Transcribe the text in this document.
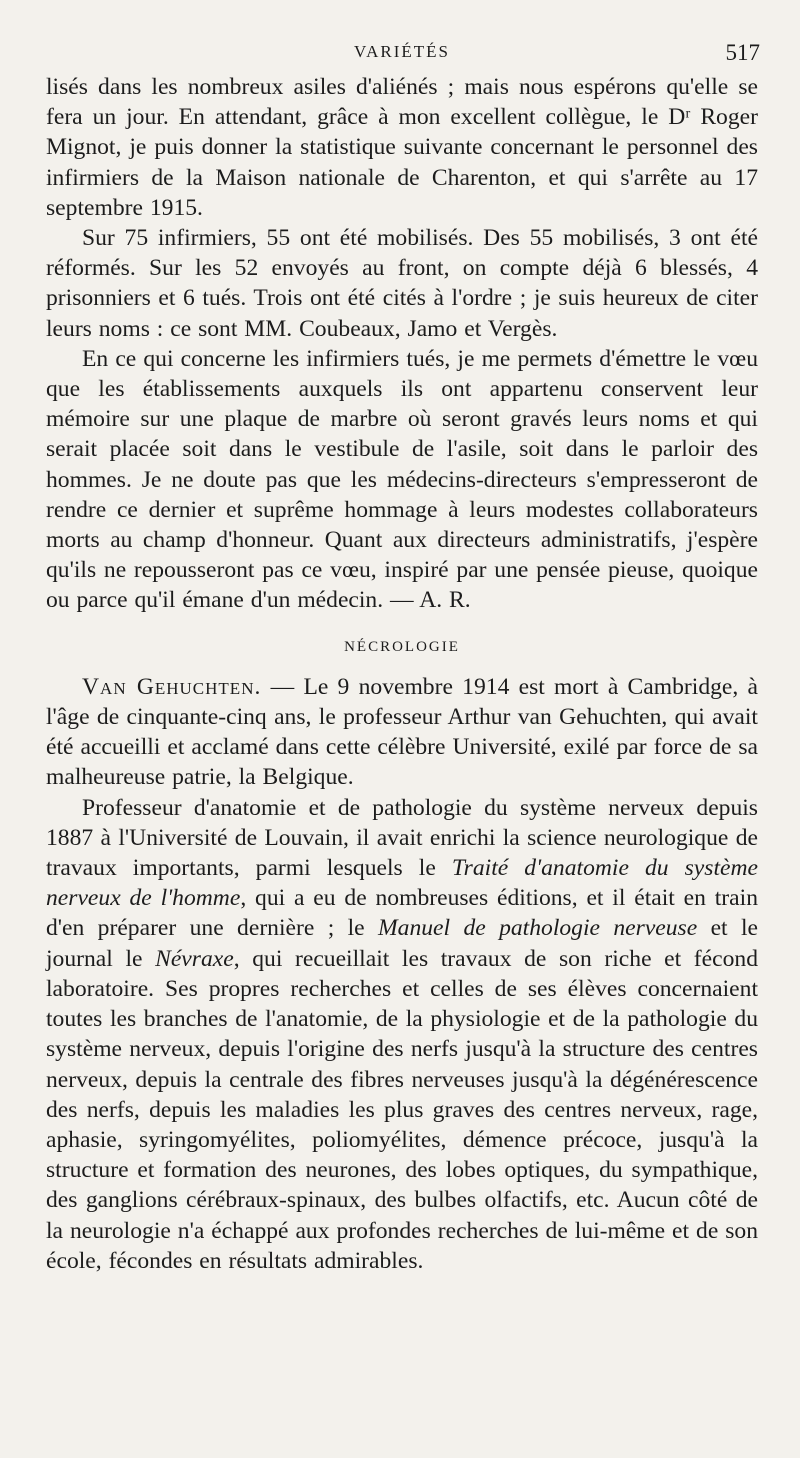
VARIÉTÉS	517

lisés dans les nombreux asiles d'aliénés ; mais nous espérons qu'elle se fera un jour. En attendant, grâce à mon excellent collègue, le Dʳ Roger Mignot, je puis donner la statistique suivante concernant le personnel des infirmiers de la Maison nationale de Charenton, et qui s'arrête au 17 septembre 1915.

Sur 75 infirmiers, 55 ont été mobilisés. Des 55 mobilisés, 3 ont été réformés. Sur les 52 envoyés au front, on compte déjà 6 blessés, 4 prisonniers et 6 tués. Trois ont été cités à l'ordre ; je suis heureux de citer leurs noms : ce sont MM. Coubeaux, Jamo et Vergès.

En ce qui concerne les infirmiers tués, je me permets d'émettre le vœu que les établissements auxquels ils ont appartenu conservent leur mémoire sur une plaque de marbre où seront gravés leurs noms et qui serait placée soit dans le vestibule de l'asile, soit dans le parloir des hommes. Je ne doute pas que les médecins-directeurs s'empresseront de rendre ce dernier et suprême hommage à leurs modestes collaborateurs morts au champ d'honneur. Quant aux directeurs administratifs, j'espère qu'ils ne repousseront pas ce vœu, inspiré par une pensée pieuse, quoique ou parce qu'il émane d'un médecin. — A. R.

NÉCROLOGIE

Van Gehuchten. — Le 9 novembre 1914 est mort à Cambridge, à l'âge de cinquante-cinq ans, le professeur Arthur van Gehuchten, qui avait été accueilli et acclamé dans cette célèbre Université, exilé par force de sa malheureuse patrie, la Belgique.

Professeur d'anatomie et de pathologie du système nerveux depuis 1887 à l'Université de Louvain, il avait enrichi la science neurologique de travaux importants, parmi lesquels le Traité d'anatomie du système nerveux de l'homme, qui a eu de nombreuses éditions, et il était en train d'en préparer une dernière ; le Manuel de pathologie nerveuse et le journal le Névraxe, qui recueillait les travaux de son riche et fécond laboratoire. Ses propres recherches et celles de ses élèves concernaient toutes les branches de l'anatomie, de la physiologie et de la pathologie du système nerveux, depuis l'origine des nerfs jusqu'à la structure des centres nerveux, depuis la centrale des fibres nerveuses jusqu'à la dégénérescence des nerfs, depuis les maladies les plus graves des centres nerveux, rage, aphasie, syringomyélites, poliomyélites, démence précoce, jusqu'à la structure et formation des neurones, des lobes optiques, du sympathique, des ganglions cérébraux-spinaux, des bulbes olfactifs, etc. Aucun côté de la neurologie n'a échappé aux profondes recherches de lui-même et de son école, fécondes en résultats admirables.
